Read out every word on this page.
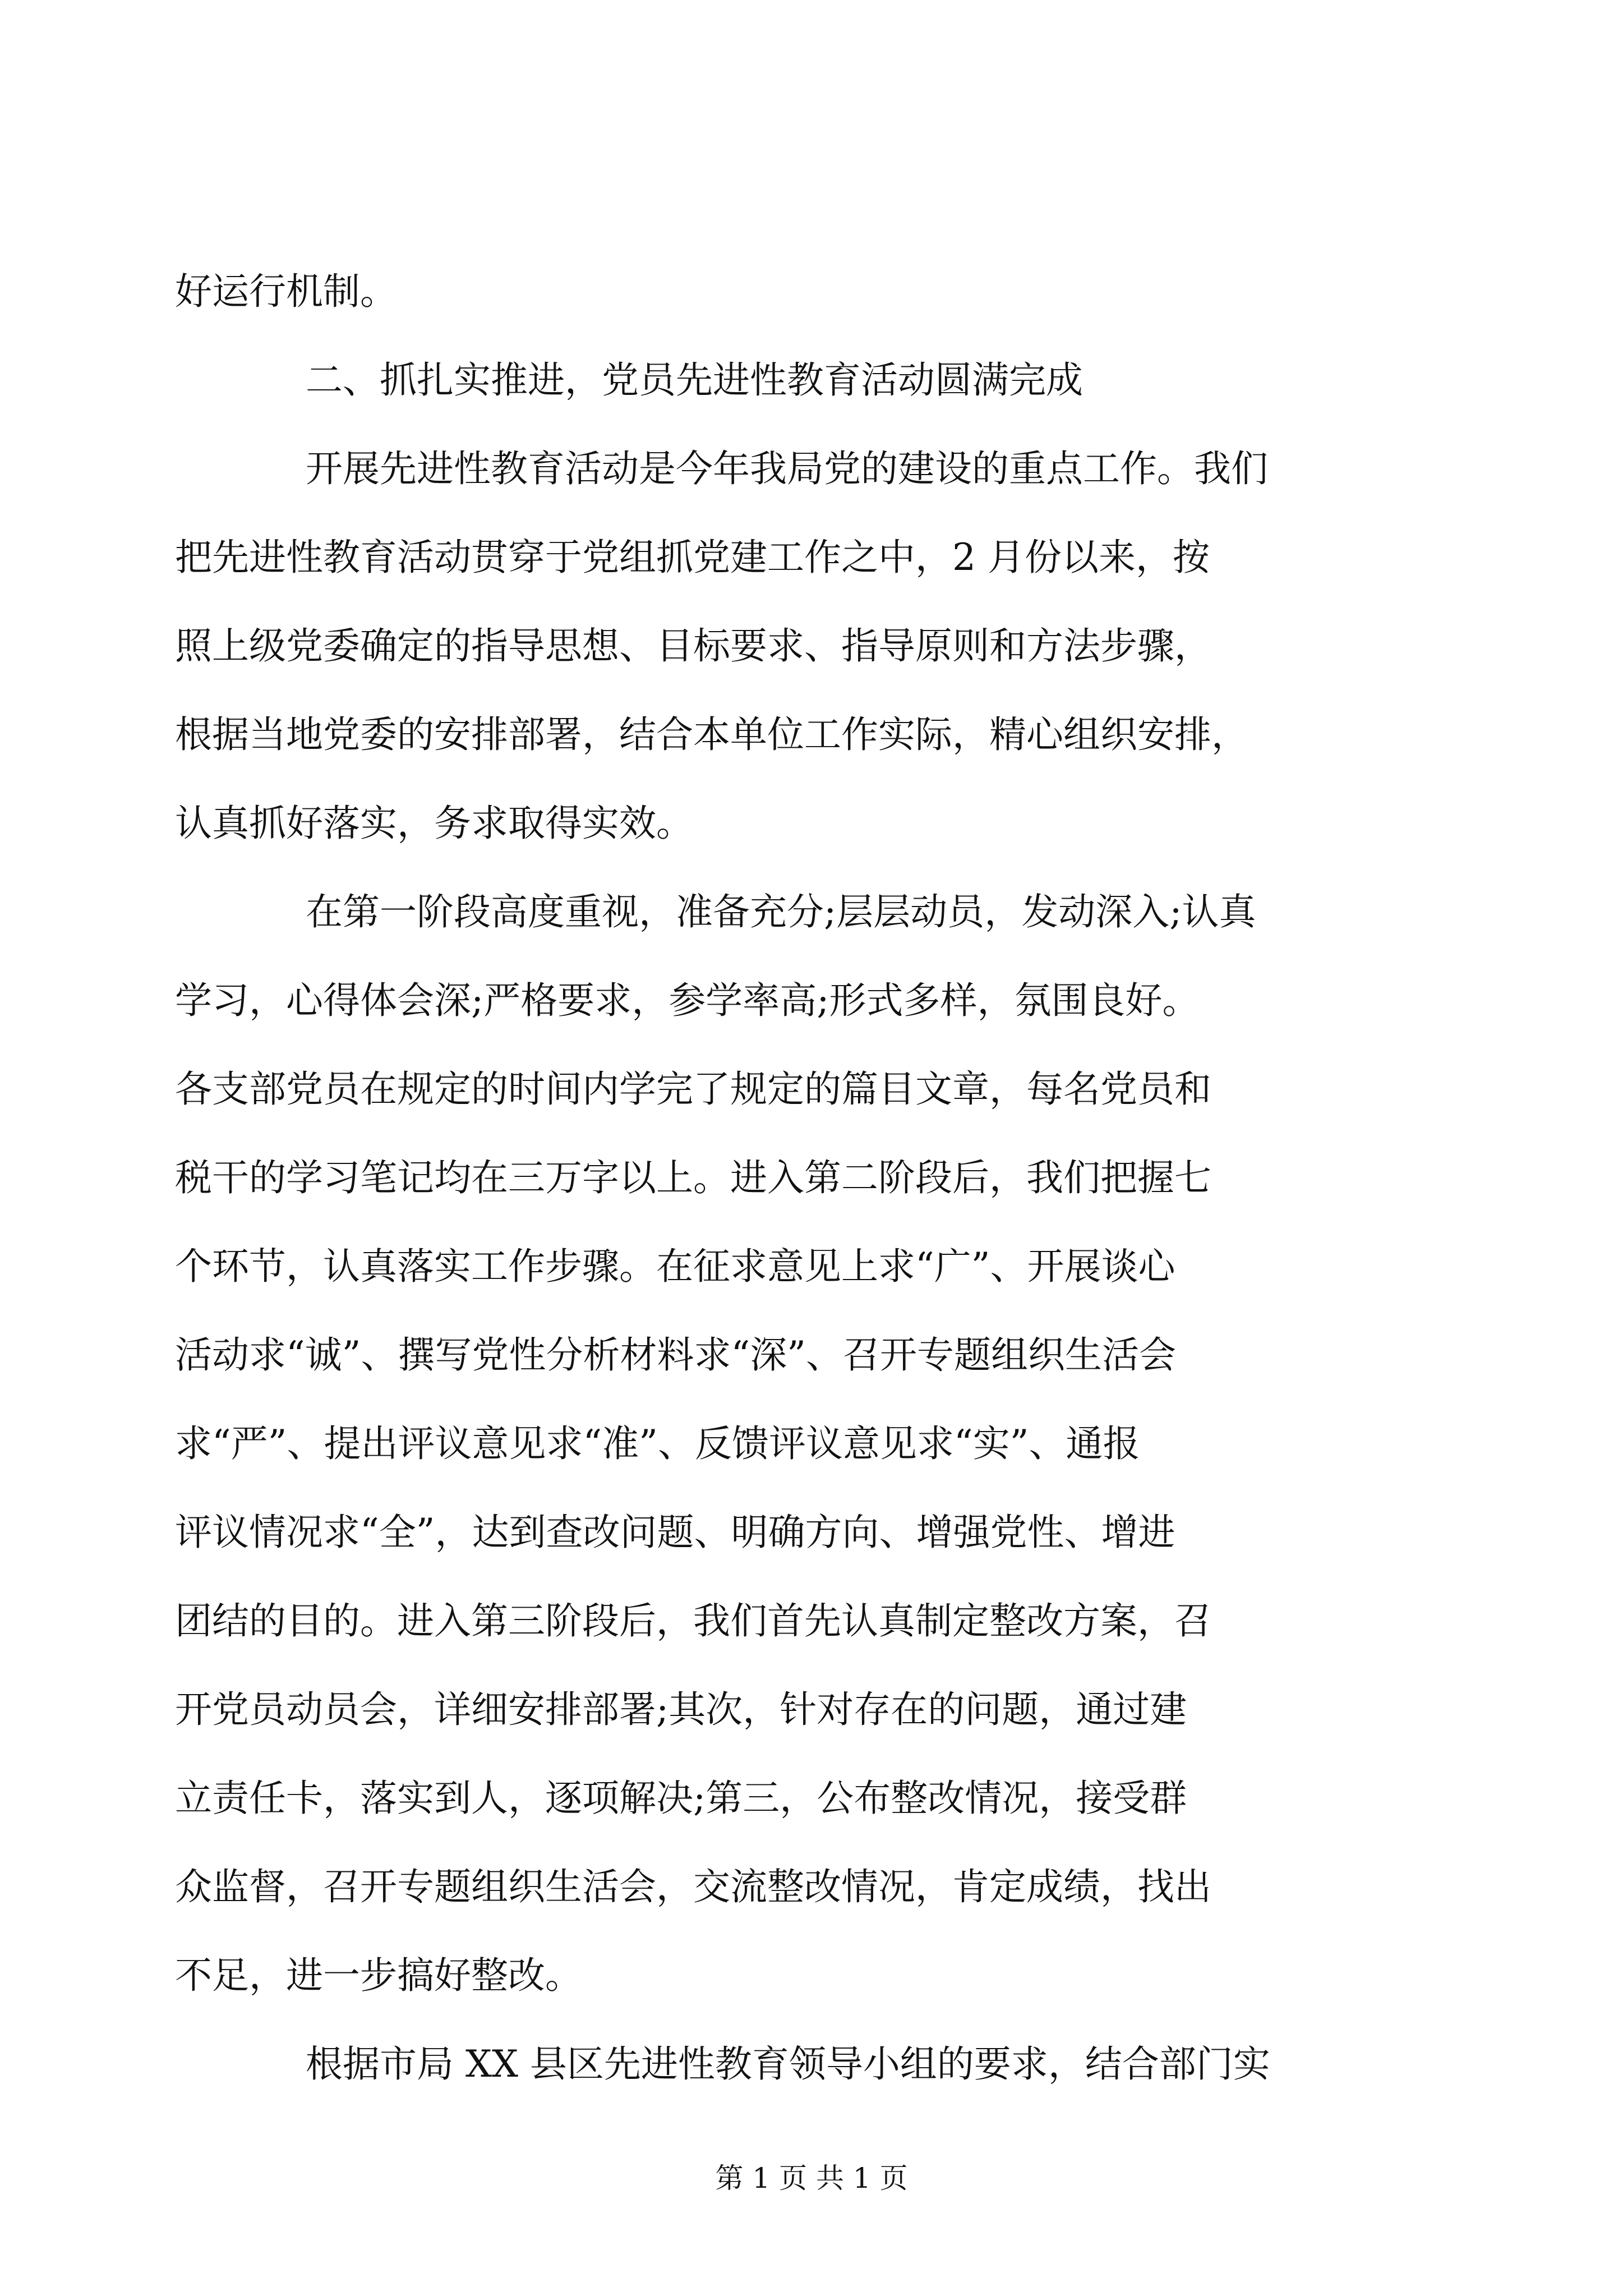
好运行机制。
二、抓扎实推进，党员先进性教育活动圆满完成
开展先进性教育活动是今年我局党的建设的重点工作。我们
把先进性教育活动贯穿于党组抓党建工作之中，2 月份以来，按
照上级党委确定的指导思想、目标要求、指导原则和方法步骤，
根据当地党委的安排部署，结合本单位工作实际，精心组织安排，
认真抓好落实，务求取得实效。
在第一阶段高度重视，准备充分;层层动员，发动深入;认真
学习，心得体会深;严格要求，参学率高;形式多样，氛围良好。
各支部党员在规定的时间内学完了规定的篇目文章，每名党员和
税干的学习笔记均在三万字以上。进入第二阶段后，我们把握七
个环节，认真落实工作步骤。在征求意见上求“广”、开展谈心
活动求“诚”、撰写党性分析材料求“深”、召开专题组织生活会
求“严”、提出评议意见求“准”、反馈评议意见求“实”、通报
评议情况求“全”，达到查改问题、明确方向、增强党性、增进
团结的目的。进入第三阶段后，我们首先认真制定整改方案，召
开党员动员会，详细安排部署;其次，针对存在的问题，通过建
立责任卡，落实到人，逐项解决;第三，公布整改情况，接受群
众监督，召开专题组织生活会，交流整改情况，肯定成绩，找出
不足，进一步搞好整改。
根据市局 XX 县区先进性教育领导小组的要求，结合部门实
第 1 页 共 1 页
